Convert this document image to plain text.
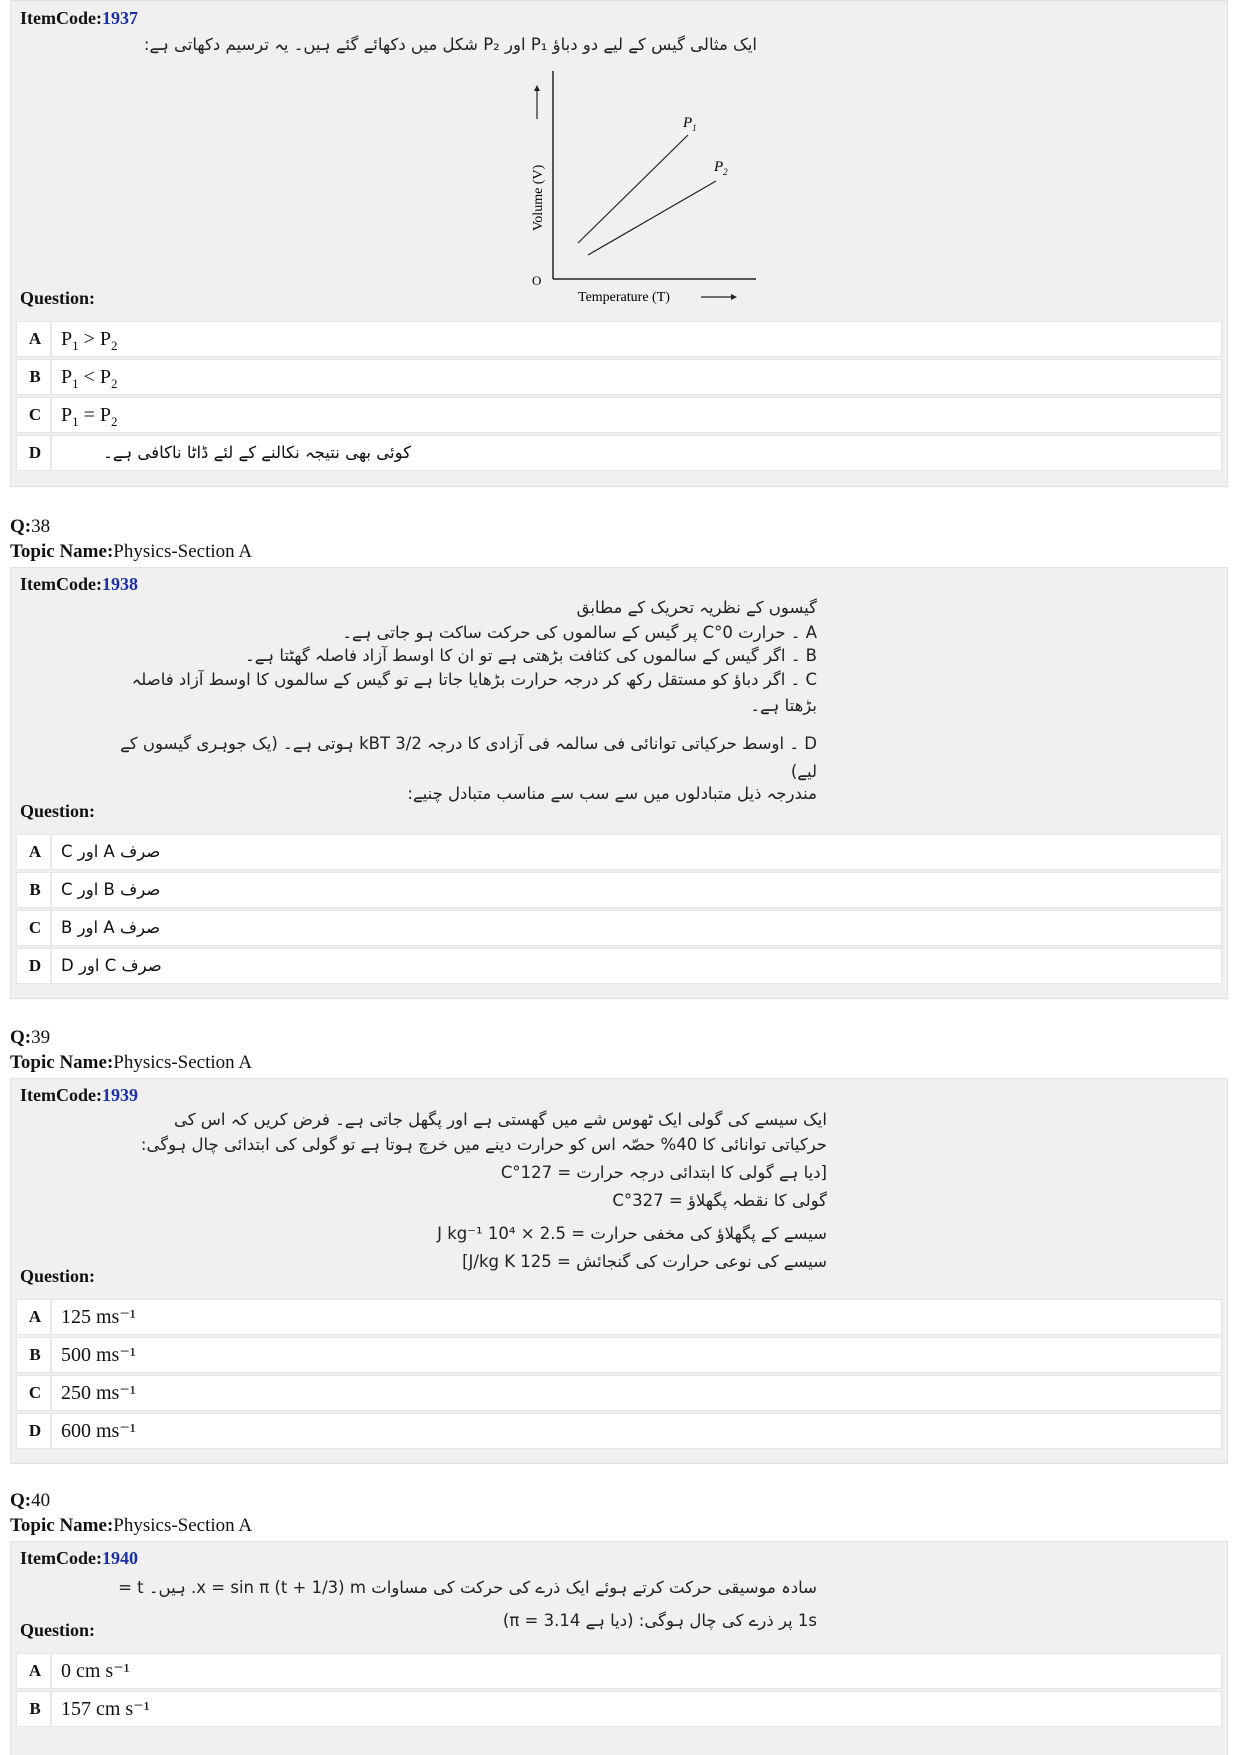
ItemCode:1937
ایک مثالی گیس کے لیے دو دباؤ P₁ اور P₂ شکل میں دکھائے گئے ہیں۔ یہ ترسیم دکھاتی ہے:
$P_1$
$P_2$
O
Temperature (T)
Volume (V)
Question:
A $P_1 > P_2$
B	$P_1 < P_2$
C $P_1 = P_2$
D	کوئی بھی نتیجہ نکالنے کے لئے ڈاٹا ناکافی ہے۔
Q:38
Topic Name:Physics-Section A
ItemCode:1938
گیسوں کے نظریہ تحریک کے مطابق
A ۔ حرارت 0°C پر گیس کے سالموں کی حرکت ساکت ہو جاتی ہے۔
B ۔ اگر گیس کے سالموں کی کثافت بڑھتی ہے تو ان کا اوسط آزاد فاصلہ گھٹتا ہے۔
C ۔ اگر دباؤ کو مستقل رکھ کر درجہ حرارت بڑھایا جاتا ہے تو گیس کے سالموں کا اوسط آزاد فاصلہ
بڑھتا ہے۔
D ۔ اوسط حرکیاتی توانائی فی سالمہ فی آزادی کا درجہ 3/2 kBT ہوتی ہے۔ (یک جوہری گیسوں کے
لیے)
مندرجہ ذیل متبادلوں میں سے سب سے مناسب متبادل چنیے:
Question:
A	صرف A اور C
B	صرف B اور C
C	صرف A اور B
D	صرف C اور D
Q:39
Topic Name:Physics-Section A
ItemCode:1939
ایک سیسے کی گولی ایک ٹھوس شے میں گھستی ہے اور پگھل جاتی ہے۔ فرض کریں کہ اس کی
حرکیاتی توانائی کا 40% حصّہ اس کو حرارت دینے میں خرچ ہوتا ہے تو گولی کی ابتدائی چال ہوگی:
[دیا ہے گولی کا ابتدائی درجہ حرارت = 127°C
گولی کا نقطہ پگھلاؤ = 327°C
سیسے کے پگھلاؤ کی مخفی حرارت = 2.5 × 10⁴ J kg⁻¹
سیسے کی نوعی حرارت کی گنجائش = 125 J/kg K]
Question:
A 125 ms⁻¹
B	500 ms⁻¹
C 250 ms⁻¹
D 600 ms⁻¹
Q:40
Topic Name:Physics-Section A
ItemCode:1940
سادہ موسیقی حرکت کرتے ہوئے ایک ذرے کی حرکت کی مساوات x = sin π (t + 1/3) m. ہیں۔ t =
1s پر ذرے کی چال ہوگی: (دیا ہے π = 3.14)
Question:
A 0 cm s⁻¹
B	157 cm s⁻¹
